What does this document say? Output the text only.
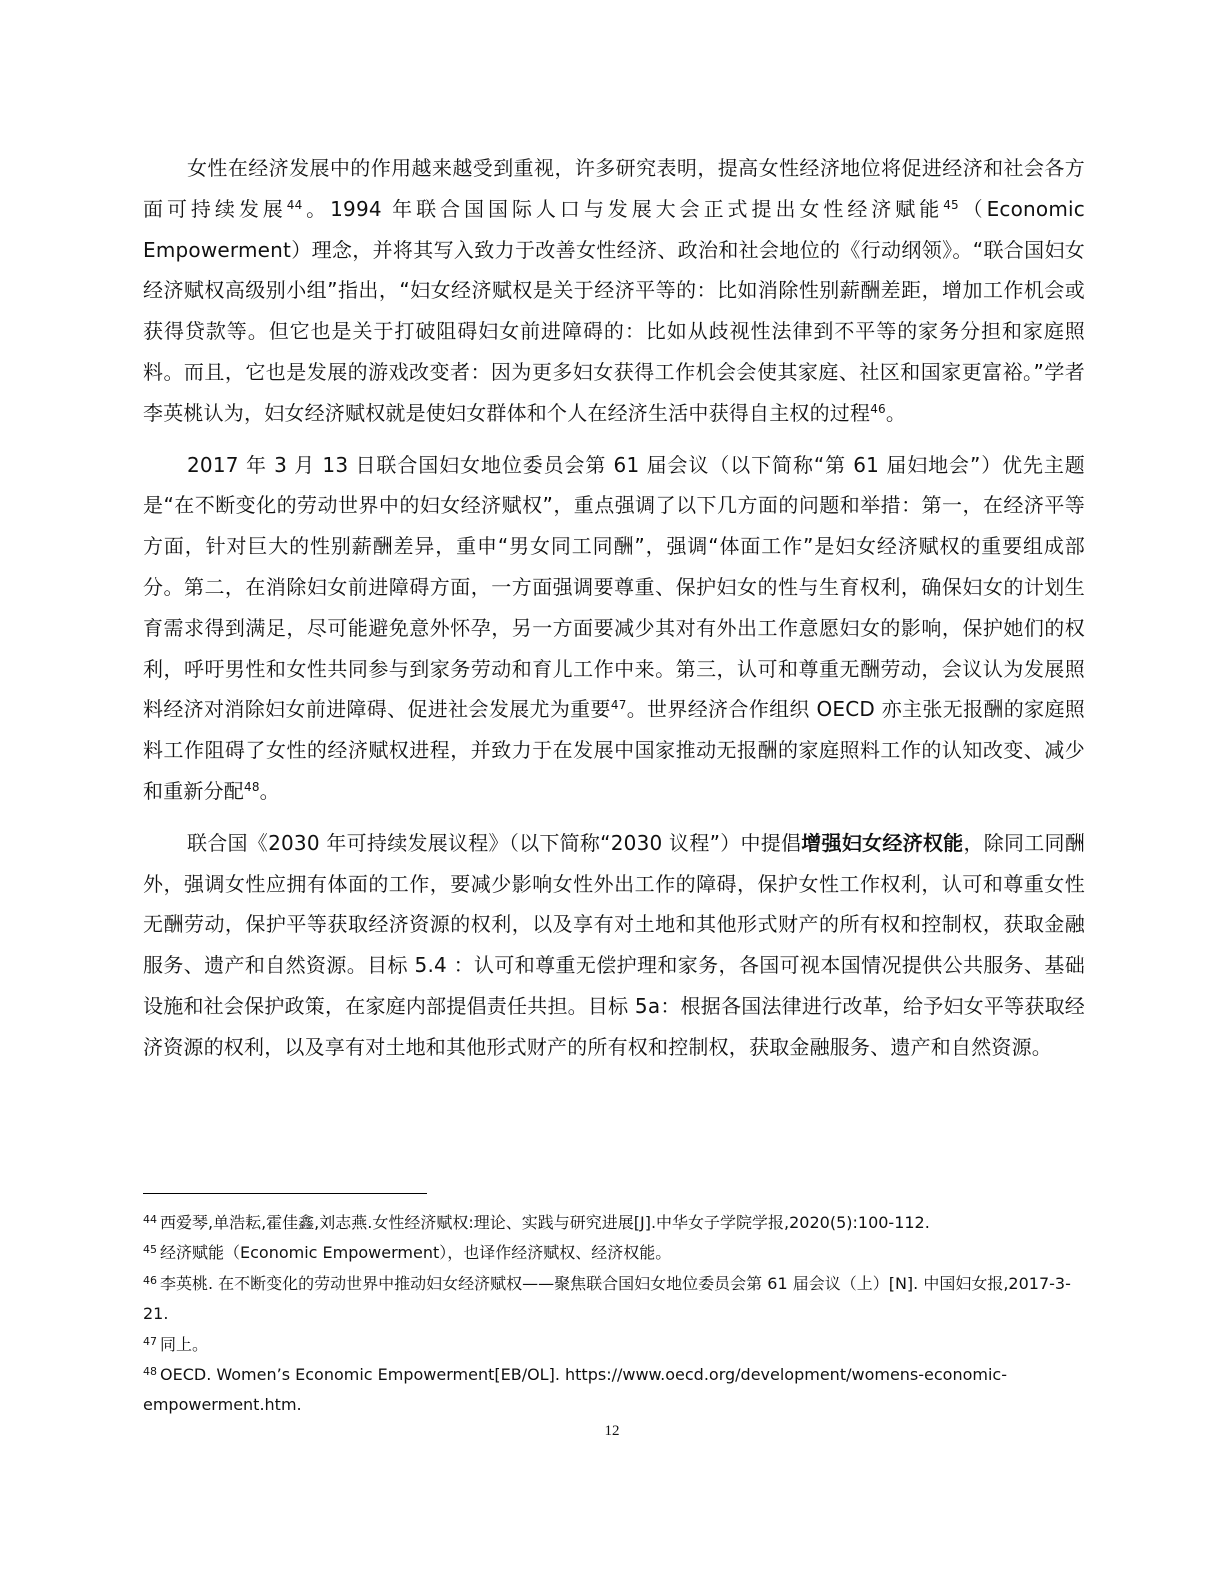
女性在经济发展中的作用越来越受到重视，许多研究表明，提高女性经济地位将促进经济和社会各方面可持续发展$^{44}$。1994 年联合国国际人口与发展大会正式提出女性经济赋能$^{45}$（Economic Empowerment）理念，并将其写入致力于改善女性经济、政治和社会地位的《行动纲领》。“联合国妇女经济赋权高级别小组”指出，“妇女经济赋权是关于经济平等的：比如消除性别薪酬差距，增加工作机会或获得贷款等。但它也是关于打破阻碍妇女前进障碍的：比如从歧视性法律到不平等的家务分担和家庭照料。而且，它也是发展的游戏改变者：因为更多妇女获得工作机会会使其家庭、社区和国家更富裕。”学者李英桃认为，妇女经济赋权就是使妇女群体和个人在经济生活中获得自主权的过程$^{46}$。

2017 年 3 月 13 日联合国妇女地位委员会第 61 届会议（以下简称“第 61 届妇地会”）优先主题是“在不断变化的劳动世界中的妇女经济赋权”，重点强调了以下几方面的问题和举措：第一，在经济平等方面，针对巨大的性别薪酬差异，重申“男女同工同酬”，强调“体面工作”是妇女经济赋权的重要组成部分。第二，在消除妇女前进障碍方面，一方面强调要尊重、保护妇女的性与生育权利，确保妇女的计划生育需求得到满足，尽可能避免意外怀孕，另一方面要减少其对有外出工作意愿妇女的影响，保护她们的权利，呼吁男性和女性共同参与到家务劳动和育儿工作中来。第三，认可和尊重无酬劳动，会议认为发展照料经济对消除妇女前进障碍、促进社会发展尤为重要$^{47}$。世界经济合作组织 OECD 亦主张无报酬的家庭照料工作阻碍了女性的经济赋权进程，并致力于在发展中国家推动无报酬的家庭照料工作的认知改变、减少和重新分配$^{48}$。

联合国《2030 年可持续发展议程》（以下简称“2030 议程”）中提倡增强妇女经济权能，除同工同酬外，强调女性应拥有体面的工作，要减少影响女性外出工作的障碍，保护女性工作权利，认可和尊重女性无酬劳动，保护平等获取经济资源的权利，以及享有对土地和其他形式财产的所有权和控制权，获取金融服务、遗产和自然资源。目标 5.4 ：认可和尊重无偿护理和家务，各国可视本国情况提供公共服务、基础设施和社会保护政策，在家庭内部提倡责任共担。目标 5a：根据各国法律进行改革，给予妇女平等获取经济资源的权利，以及享有对土地和其他形式财产的所有权和控制权，获取金融服务、遗产和自然资源。

$^{44}$ 西爱琴,单浩耘,霍佳鑫,刘志燕.女性经济赋权:理论、实践与研究进展[J].中华女子学院学报,2020(5):100-112.

$^{45}$ 经济赋能（Economic Empowerment），也译作经济赋权、经济权能。

$^{46}$ 李英桃. 在不断变化的劳动世界中推动妇女经济赋权——聚焦联合国妇女地位委员会第 61 届会议（上）[N]. 中国妇女报,2017-3-21.

$^{47}$ 同上。

$^{48}$ OECD. Women’s Economic Empowerment[EB/OL]. https://www.oecd.org/development/womens-economic-empowerment.htm.

12
